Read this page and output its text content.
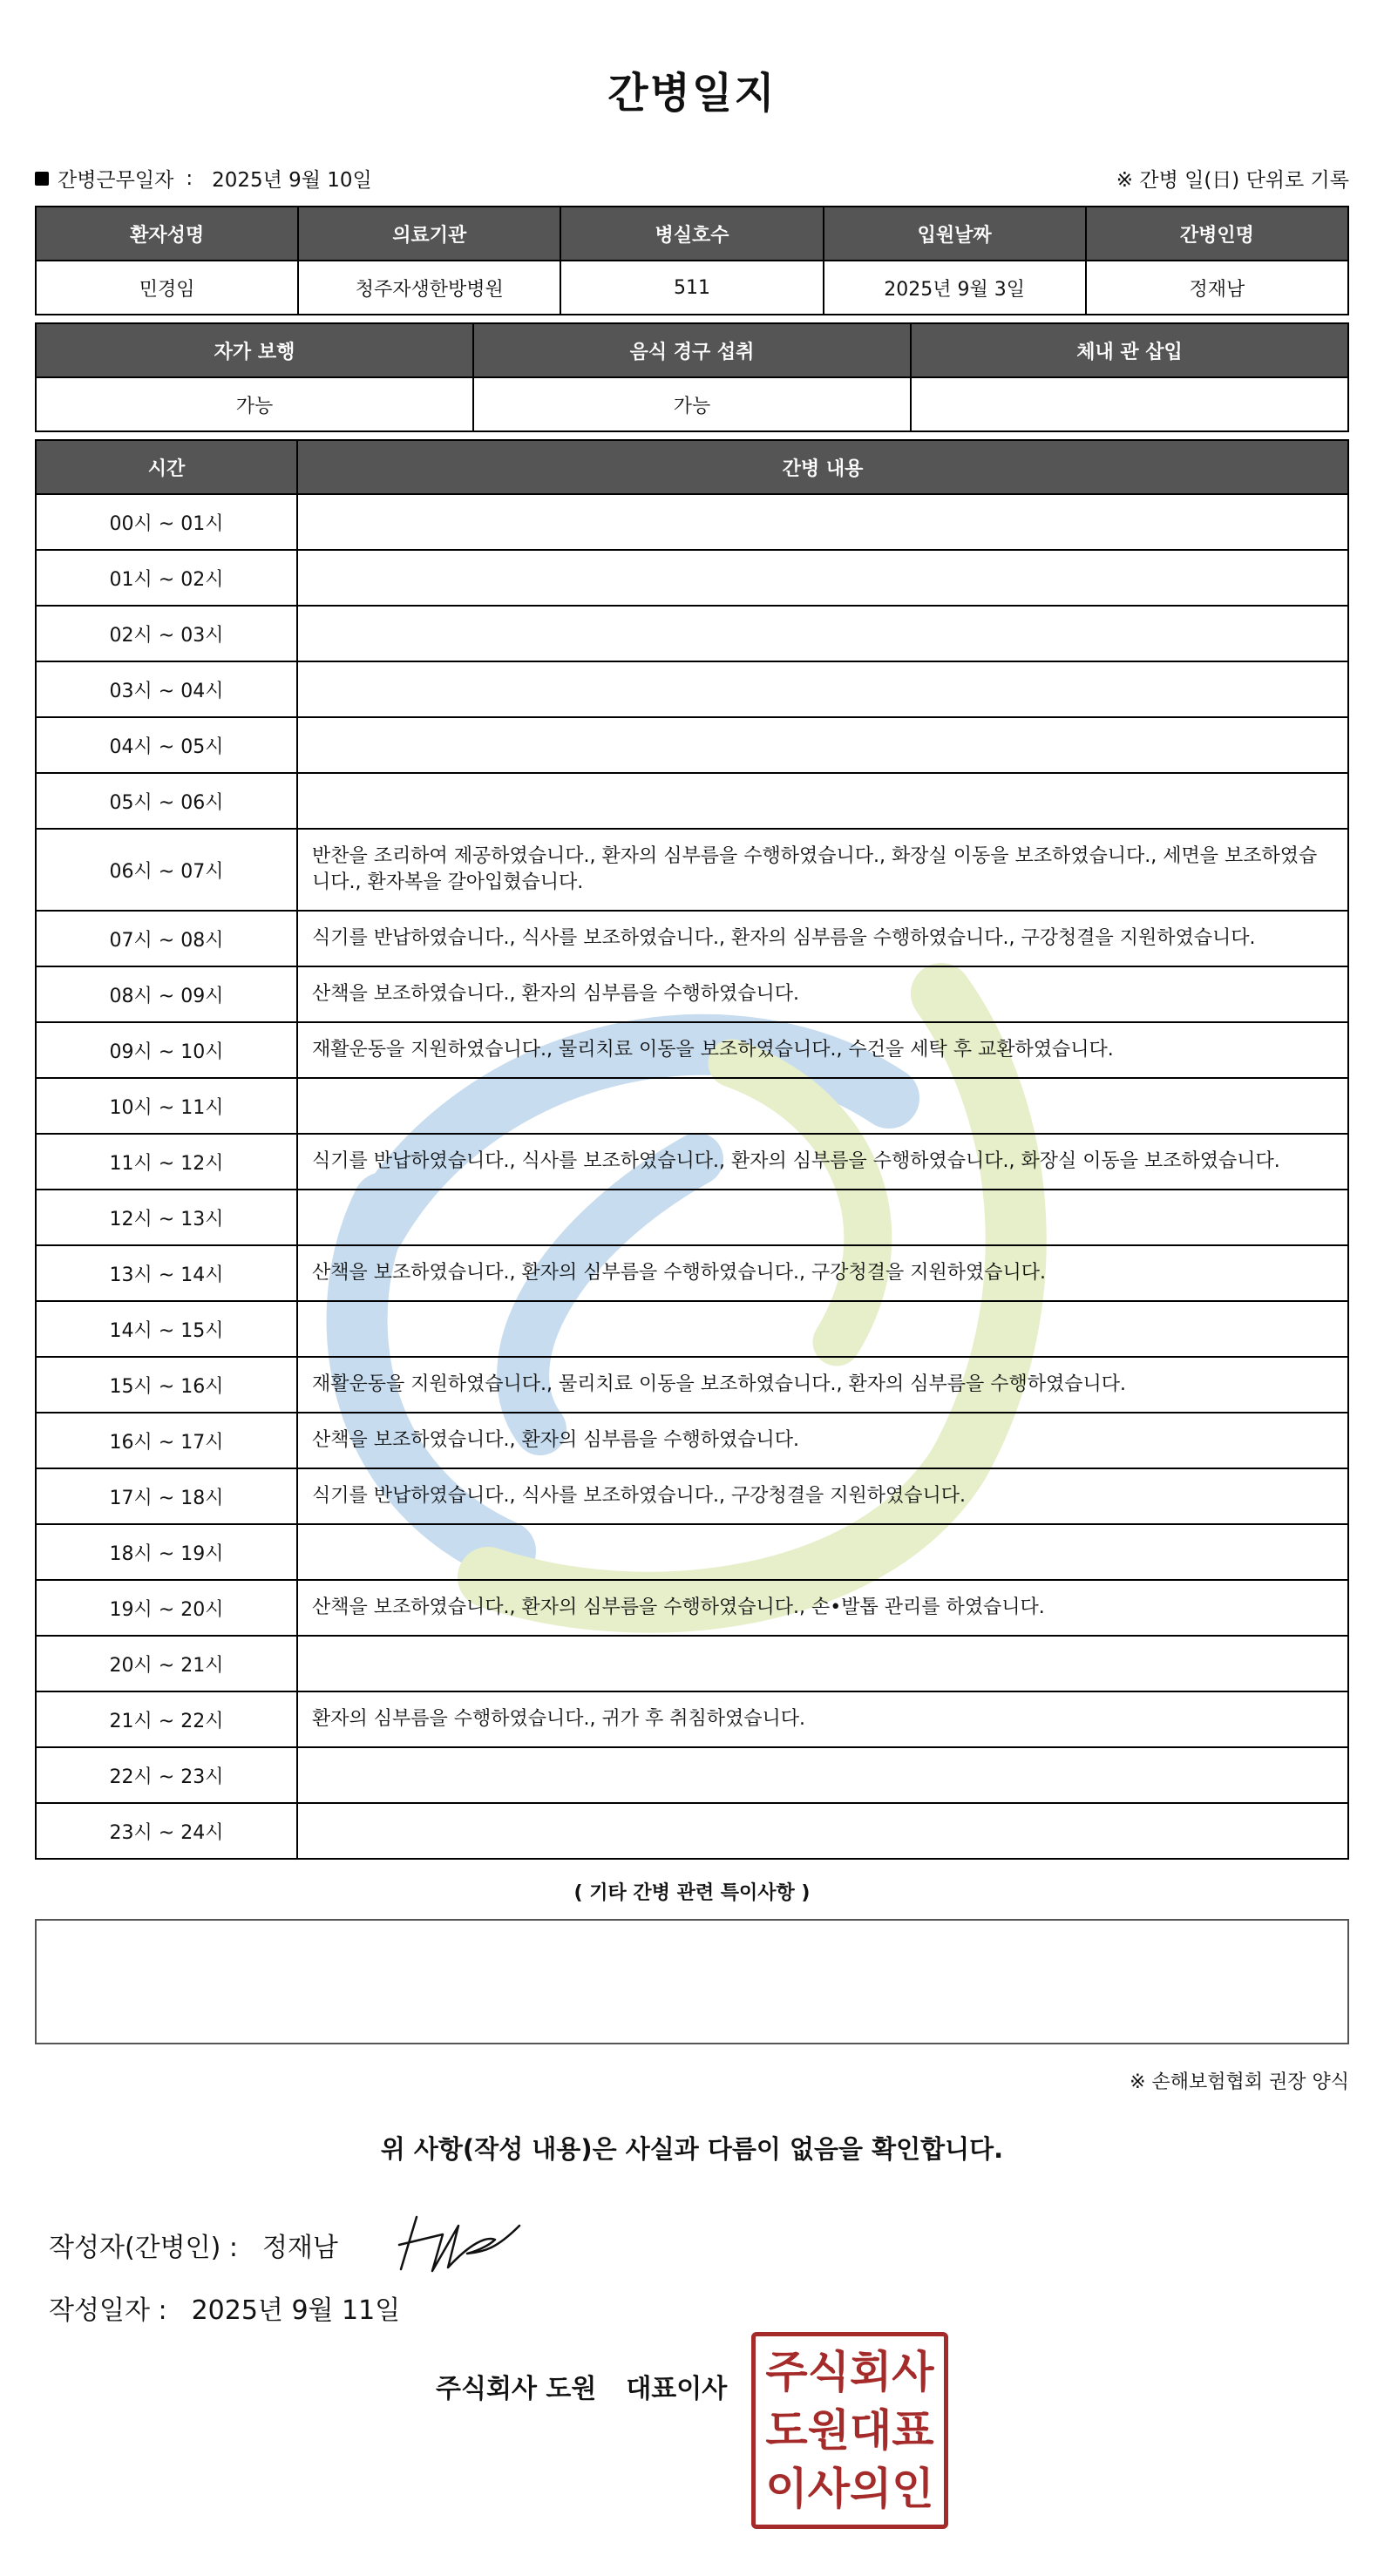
간병일지
간병근무일자 : 2025년 9월 10일	※ 간병 일(日) 단위로 기록
환자성명	의료기관	병실호수	입원날짜	간병인명
민경임	청주자생한방병원	511	2025년 9월 3일	정재남
자가 보행	음식 경구 섭취	체내 관 삽입
가능	가능	
시간	간병 내용
00시 ~ 01시	
01시 ~ 02시	
02시 ~ 03시	
03시 ~ 04시	
04시 ~ 05시	
05시 ~ 06시	
06시 ~ 07시	반찬을 조리하여 제공하였습니다., 환자의 심부름을 수행하였습니다., 화장실 이동을 보조하였습니다., 세면을 보조하였습니다., 환자복을 갈아입혔습니다.
07시 ~ 08시	식기를 반납하였습니다., 식사를 보조하였습니다., 환자의 심부름을 수행하였습니다., 구강청결을 지원하였습니다.
08시 ~ 09시	산책을 보조하였습니다., 환자의 심부름을 수행하였습니다.
09시 ~ 10시	재활운동을 지원하였습니다., 물리치료 이동을 보조하였습니다., 수건을 세탁 후 교환하였습니다.
10시 ~ 11시	
11시 ~ 12시	식기를 반납하였습니다., 식사를 보조하였습니다., 환자의 심부름을 수행하였습니다., 화장실 이동을 보조하였습니다.
12시 ~ 13시	
13시 ~ 14시	산책을 보조하였습니다., 환자의 심부름을 수행하였습니다., 구강청결을 지원하였습니다.
14시 ~ 15시	
15시 ~ 16시	재활운동을 지원하였습니다., 물리치료 이동을 보조하였습니다., 환자의 심부름을 수행하였습니다.
16시 ~ 17시	산책을 보조하였습니다., 환자의 심부름을 수행하였습니다.
17시 ~ 18시	식기를 반납하였습니다., 식사를 보조하였습니다., 구강청결을 지원하였습니다.
18시 ~ 19시	
19시 ~ 20시	산책을 보조하였습니다., 환자의 심부름을 수행하였습니다., 손•발톱 관리를 하였습니다.
20시 ~ 21시	
21시 ~ 22시	환자의 심부름을 수행하였습니다., 귀가 후 취침하였습니다.
22시 ~ 23시	
23시 ~ 24시	
( 기타 간병 관련 특이사항 )
※ 손해보험협회 권장 양식
위 사항(작성 내용)은 사실과 다름이 없음을 확인합니다.
작성자(간병인) : 정재남
작성일자 : 2025년 9월 11일
주식회사 도원 대표이사 주식회사
도원대표
이사의인
